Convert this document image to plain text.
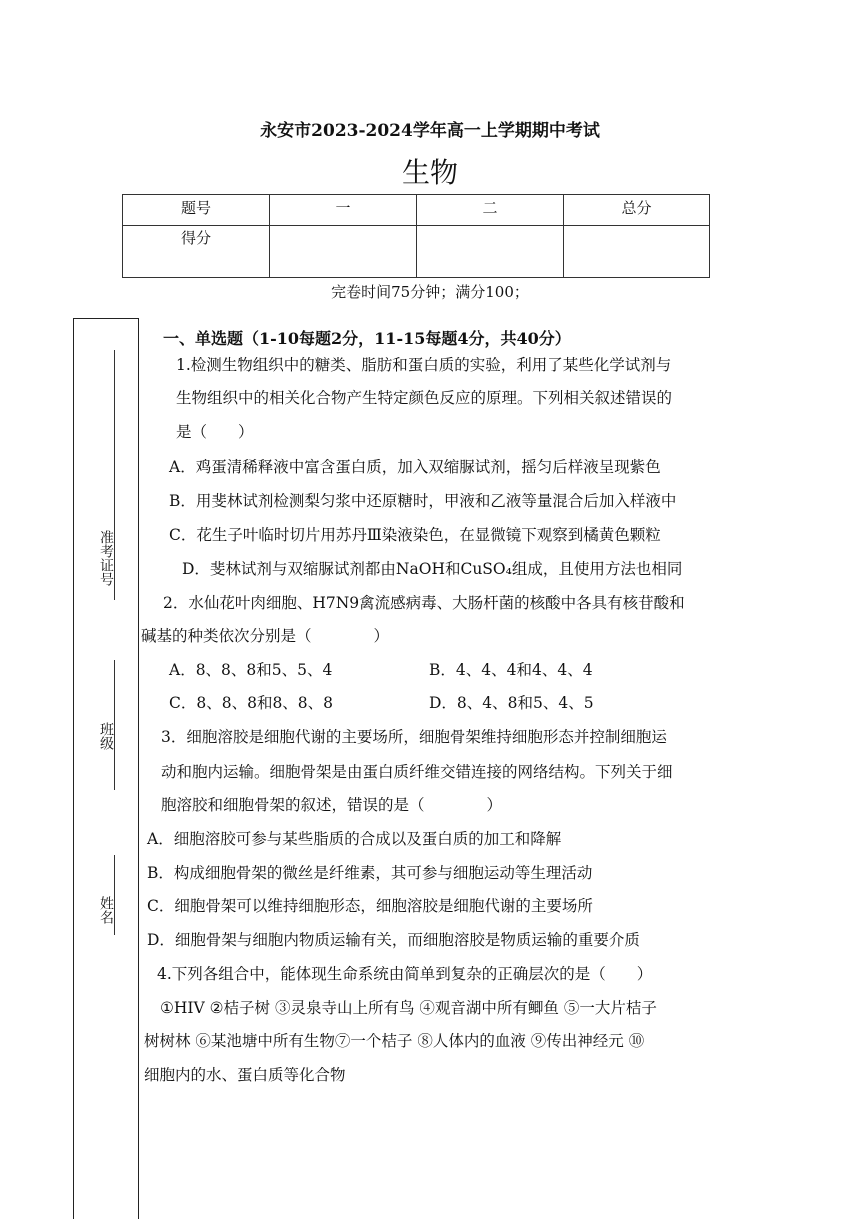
永安市2023-2024学年高一上学期期中考试
生物
题号	一	二	总分
得分			
完卷时间75分钟；满分100；
准考证号
班级
姓名
一、单选题（1-10每题2分，11-15每题4分，共40分）
1.检测生物组织中的糖类、脂肪和蛋白质的实验，利用了某些化学试剂与
生物组织中的相关化合物产生特定颜色反应的原理。下列相关叙述错误的
是（　　）
A．鸡蛋清稀释液中富含蛋白质，加入双缩脲试剂，摇匀后样液呈现紫色
B．用斐林试剂检测梨匀浆中还原糖时，甲液和乙液等量混合后加入样液中
C．花生子叶临时切片用苏丹Ⅲ染液染色，在显微镜下观察到橘黄色颗粒
D．斐林试剂与双缩脲试剂都由NaOH和CuSO₄组成，且使用方法也相同
2．水仙花叶肉细胞、H7N9禽流感病毒、大肠杆菌的核酸中各具有核苷酸和
碱基的种类依次分别是（　　　　）
A．8、8、8和5、5、4	B．4、4、4和4、4、4
C．8、8、8和8、8、8	D．8、4、8和5、4、5
3．细胞溶胶是细胞代谢的主要场所，细胞骨架维持细胞形态并控制细胞运
动和胞内运输。细胞骨架是由蛋白质纤维交错连接的网络结构。下列关于细
胞溶胶和细胞骨架的叙述，错误的是（　　　　）
A．细胞溶胶可参与某些脂质的合成以及蛋白质的加工和降解
B．构成细胞骨架的微丝是纤维素，其可参与细胞运动等生理活动
C．细胞骨架可以维持细胞形态，细胞溶胶是细胞代谢的主要场所
D．细胞骨架与细胞内物质运输有关，而细胞溶胶是物质运输的重要介质
4.下列各组合中，能体现生命系统由简单到复杂的正确层次的是（　　）
①HIV ②桔子树 ③灵泉寺山上所有鸟 ④观音湖中所有鲫鱼 ⑤一大片桔子
树树林 ⑥某池塘中所有生物⑦一个桔子 ⑧人体内的血液 ⑨传出神经元 ⑩
细胞内的水、蛋白质等化合物
